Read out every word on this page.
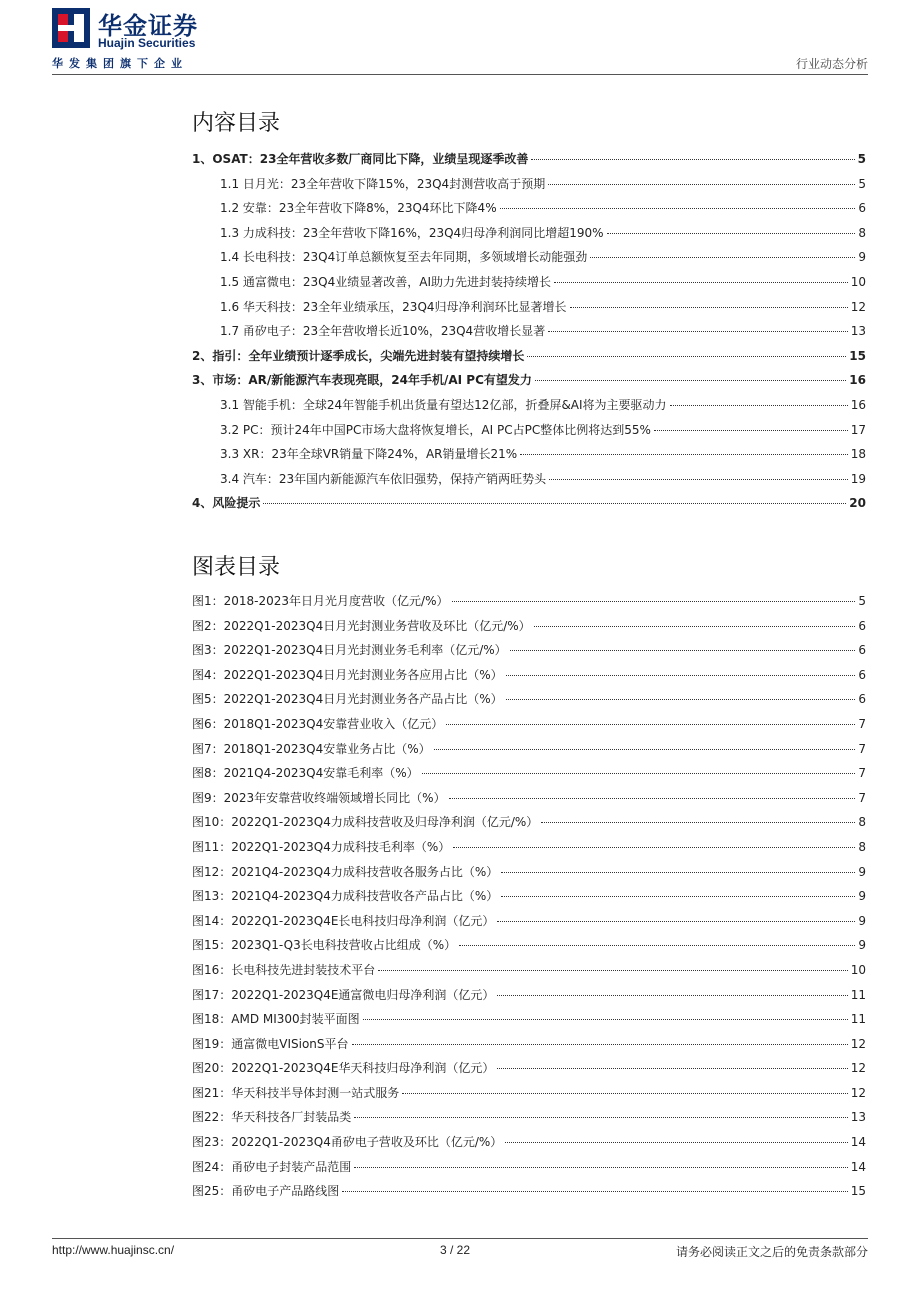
华金证券
Huajin Securities
华发集团旗下企业	行业动态分析
内容目录
1、OSAT：23全年营收多数厂商同比下降，业绩呈现逐季改善	5
1.1 日月光：23全年营收下降15%，23Q4封测营收高于预期	5
1.2 安靠：23全年营收下降8%，23Q4环比下降4%	6
1.3 力成科技：23全年营收下降16%，23Q4归母净利润同比增超190%	8
1.4 长电科技：23Q4订单总额恢复至去年同期，多领域增长动能强劲	9
1.5 通富微电：23Q4业绩显著改善，AI助力先进封装持续增长	10
1.6 华天科技：23全年业绩承压，23Q4归母净利润环比显著增长	12
1.7 甬矽电子：23全年营收增长近10%，23Q4营收增长显著	13
2、指引：全年业绩预计逐季成长，尖端先进封装有望持续增长	15
3、市场：AR/新能源汽车表现亮眼，24年手机/AI PC有望发力	16
3.1 智能手机：全球24年智能手机出货量有望达12亿部，折叠屏&AI将为主要驱动力	16
3.2 PC：预计24年中国PC市场大盘将恢复增长，AI PC占PC整体比例将达到55%	17
3.3 XR：23年全球VR销量下降24%，AR销量增长21%	18
3.4 汽车：23年国内新能源汽车依旧强势，保持产销两旺势头	19
4、风险提示	20
图表目录
图1：2018-2023年日月光月度营收（亿元/%）	5
图2：2022Q1-2023Q4日月光封测业务营收及环比（亿元/%）	6
图3：2022Q1-2023Q4日月光封测业务毛利率（亿元/%）	6
图4：2022Q1-2023Q4日月光封测业务各应用占比（%）	6
图5：2022Q1-2023Q4日月光封测业务各产品占比（%）	6
图6：2018Q1-2023Q4安靠营业收入（亿元）	7
图7：2018Q1-2023Q4安靠业务占比（%）	7
图8：2021Q4-2023Q4安靠毛利率（%）	7
图9：2023年安靠营收终端领域增长同比（%）	7
图10：2022Q1-2023Q4力成科技营收及归母净利润（亿元/%）	8
图11：2022Q1-2023Q4力成科技毛利率（%）	8
图12：2021Q4-2023Q4力成科技营收各服务占比（%）	9
图13：2021Q4-2023Q4力成科技营收各产品占比（%）	9
图14：2022Q1-2023Q4E长电科技归母净利润（亿元）	9
图15：2023Q1-Q3长电科技营收占比组成（%）	9
图16：长电科技先进封装技术平台	10
图17：2022Q1-2023Q4E通富微电归母净利润（亿元）	11
图18：AMD MI300封装平面图	11
图19：通富微电VISionS平台	12
图20：2022Q1-2023Q4E华天科技归母净利润（亿元）	12
图21：华天科技半导体封测一站式服务	12
图22：华天科技各厂封装品类	13
图23：2022Q1-2023Q4甬矽电子营收及环比（亿元/%）	14
图24：甬矽电子封装产品范围	14
图25：甬矽电子产品路线图	15
http://www.huajinsc.cn/	3 / 22	请务必阅读正文之后的免责条款部分
